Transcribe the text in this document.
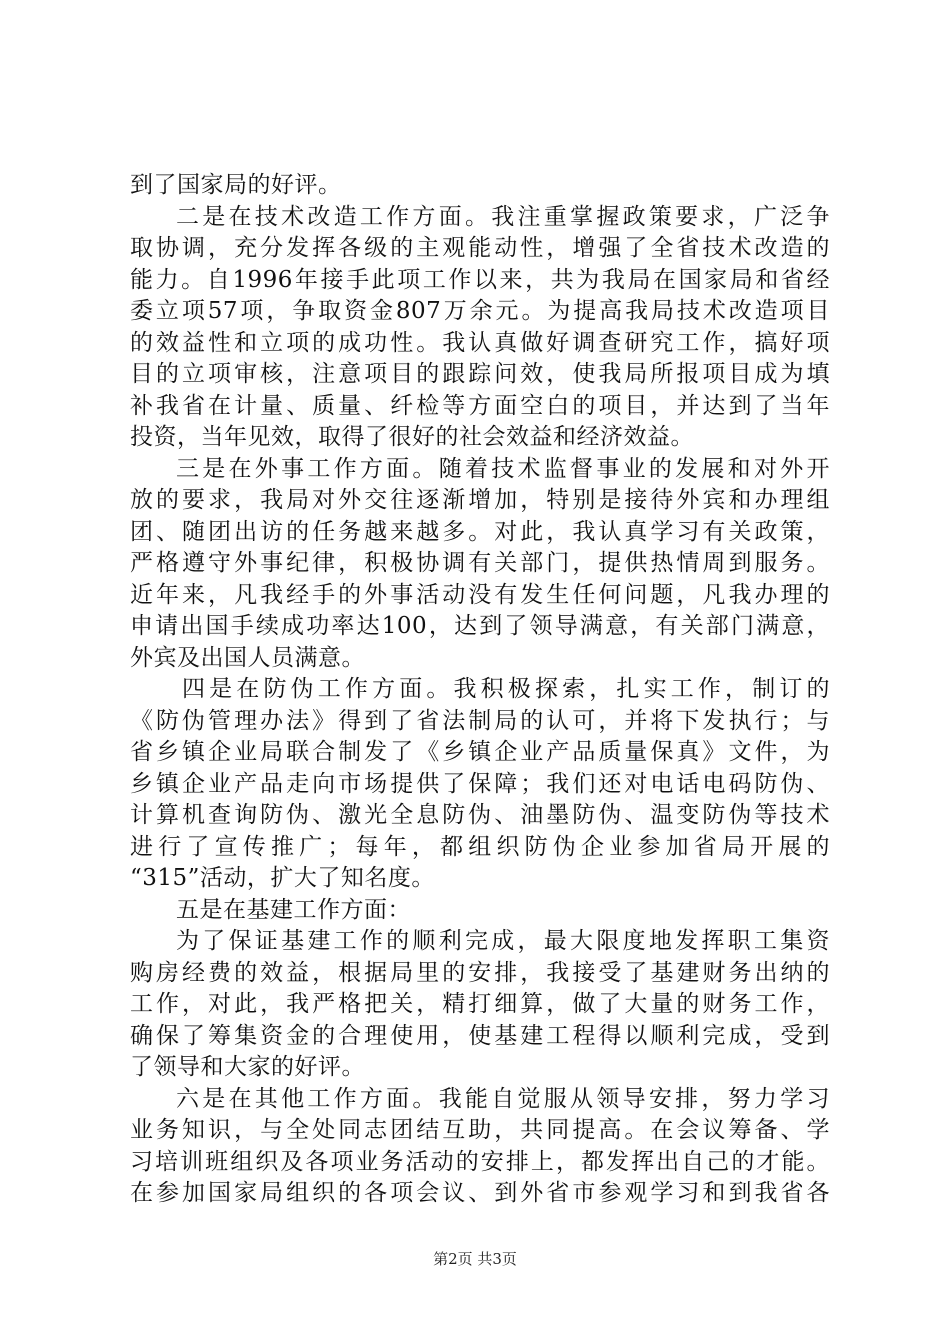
到了国家局的好评。
二是在技术改造工作方面。我注重掌握政策要求，广泛争
取协调，充分发挥各级的主观能动性，增强了全省技术改造的
能力。自1996年接手此项工作以来，共为我局在国家局和省经
委立项57项，争取资金807万余元。为提高我局技术改造项目
的效益性和立项的成功性。我认真做好调查研究工作，搞好项
目的立项审核，注意项目的跟踪问效，使我局所报项目成为填
补我省在计量、质量、纤检等方面空白的项目，并达到了当年
投资，当年见效，取得了很好的社会效益和经济效益。
三是在外事工作方面。随着技术监督事业的发展和对外开
放的要求，我局对外交往逐渐增加，特别是接待外宾和办理组
团、随团出访的任务越来越多。对此，我认真学习有关政策，
严格遵守外事纪律，积极协调有关部门，提供热情周到服务。
近年来，凡我经手的外事活动没有发生任何问题，凡我办理的
申请出国手续成功率达100，达到了领导满意，有关部门满意，
外宾及出国人员满意。
四是在防伪工作方面。我积极探索，扎实工作，制订的
《防伪管理办法》得到了省法制局的认可，并将下发执行；与
省乡镇企业局联合制发了《乡镇企业产品质量保真》文件，为
乡镇企业产品走向市场提供了保障；我们还对电话电码防伪、
计算机查询防伪、激光全息防伪、油墨防伪、温变防伪等技术
进行了宣传推广；每年，都组织防伪企业参加省局开展的
“315”活动，扩大了知名度。
五是在基建工作方面：
为了保证基建工作的顺利完成，最大限度地发挥职工集资
购房经费的效益，根据局里的安排，我接受了基建财务出纳的
工作，对此，我严格把关，精打细算，做了大量的财务工作，
确保了筹集资金的合理使用，使基建工程得以顺利完成，受到
了领导和大家的好评。
六是在其他工作方面。我能自觉服从领导安排，努力学习
业务知识，与全处同志团结互助，共同提高。在会议筹备、学
习培训班组织及各项业务活动的安排上，都发挥出自己的才能。
在参加国家局组织的各项会议、到外省市参观学习和到我省各
第2页 共3页
